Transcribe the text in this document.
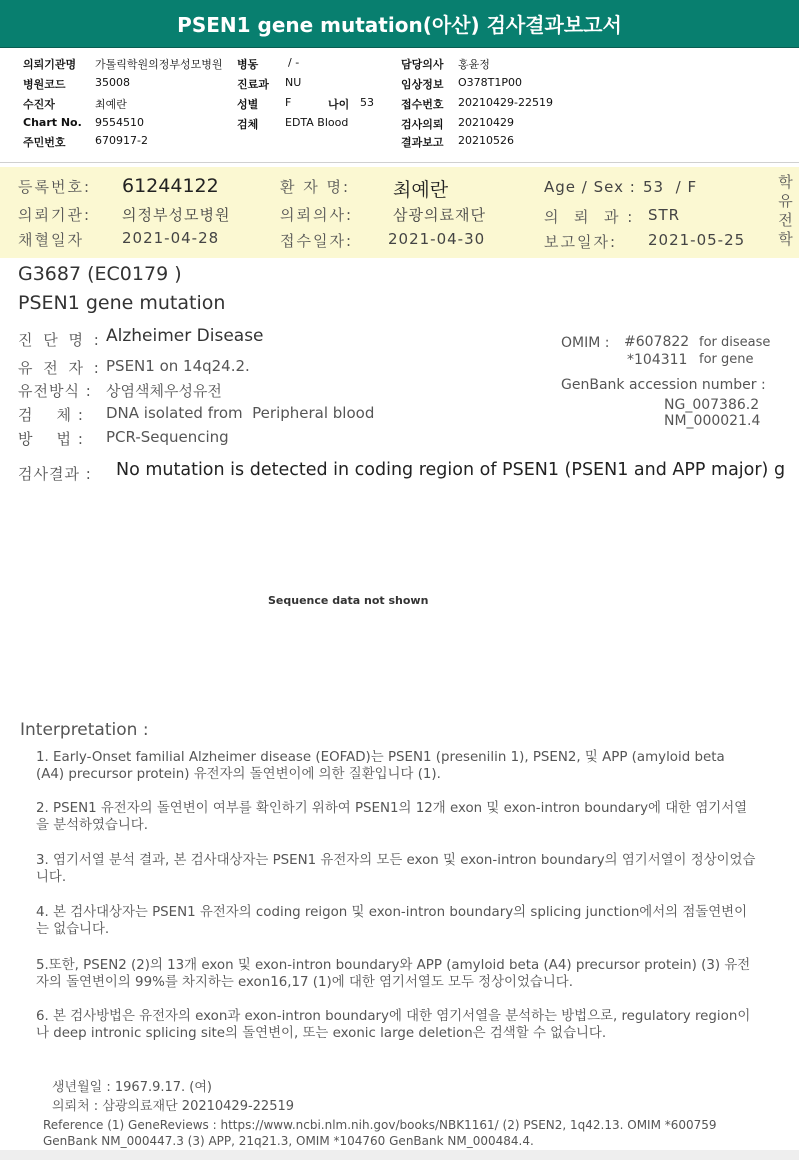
PSEN1 gene mutation(아산) 검사결과보고서
의뢰기관명 가톨릭학원의정부성모병원
병원코드	35008
수진자	최예란
Chart No. 9554510
주민번호	670917-2
병동	/ -
진료과 NU
성별 F	나이 53
검체 EDTA Blood
담당의사 홍윤정
임상정보 O378T1P00
접수번호 20210429-22519
검사의뢰 20210429
결과보고 20210526
등록번호: 61244122	환 자 명: 최예란	Age / Sex : 53  / F
의뢰기관: 의정부성모병원	의뢰의사:	삼광의료재단	의  뢰  과 : STR
채혈일자	2021-04-28	접수일자: 2021-04-30	보고일자: 2021-05-25 학유전학
G3687 (EC0179 )
PSEN1 gene mutation
진 단 명 : Alzheimer Disease
유 전 자 : PSEN1 on 14q24.2.
유전방식 : 상염색체우성유전
검    체 : DNA isolated from  Peripheral blood
방    법 : PCR-Sequencing
OMIM : #607822 for disease
*104311 for gene
GenBank accession number :
NG_007386.2
NM_000021.4
검사결과 : No mutation is detected in coding region of PSEN1 (PSEN1 and APP major) g
Sequence data not shown
Interpretation :
1. Early-Onset familial Alzheimer disease (EOFAD)는 PSEN1 (presenilin 1), PSEN2, 및 APP (amyloid beta (A4) precursor protein) 유전자의 돌연변이에 의한 질환입니다 (1).
2. PSEN1 유전자의 돌연변이 여부를 확인하기 위하여 PSEN1의 12개 exon 및 exon-intron boundary에 대한 염기서열을 분석하였습니다.
3. 염기서열 분석 결과, 본 검사대상자는 PSEN1 유전자의 모든 exon 및 exon-intron boundary의 염기서열이 정상이었습니다.
4. 본 검사대상자는 PSEN1 유전자의 coding reigon 및 exon-intron boundary의 splicing junction에서의 점돌연변이는 없습니다.
5.또한, PSEN2 (2)의 13개 exon 및 exon-intron boundary와 APP (amyloid beta (A4) precursor protein) (3) 유전자의 돌연변이의 99%를 차지하는 exon16,17 (1)에 대한 염기서열도 모두 정상이었습니다.
6. 본 검사방법은 유전자의 exon과 exon-intron boundary에 대한 염기서열을 분석하는 방법으로, regulatory region이나 deep intronic splicing site의 돌연변이, 또는 exonic large deletion은 검색할 수 없습니다.
생년월일 : 1967.9.17. (여)
의뢰처 : 삼광의료재단 20210429-22519
Reference (1) GeneReviews : https://www.ncbi.nlm.nih.gov/books/NBK1161/ (2) PSEN2, 1q42.13. OMIM *600759 GenBank NM_000447.3 (3) APP, 21q21.3, OMIM *104760 GenBank NM_000484.4.
